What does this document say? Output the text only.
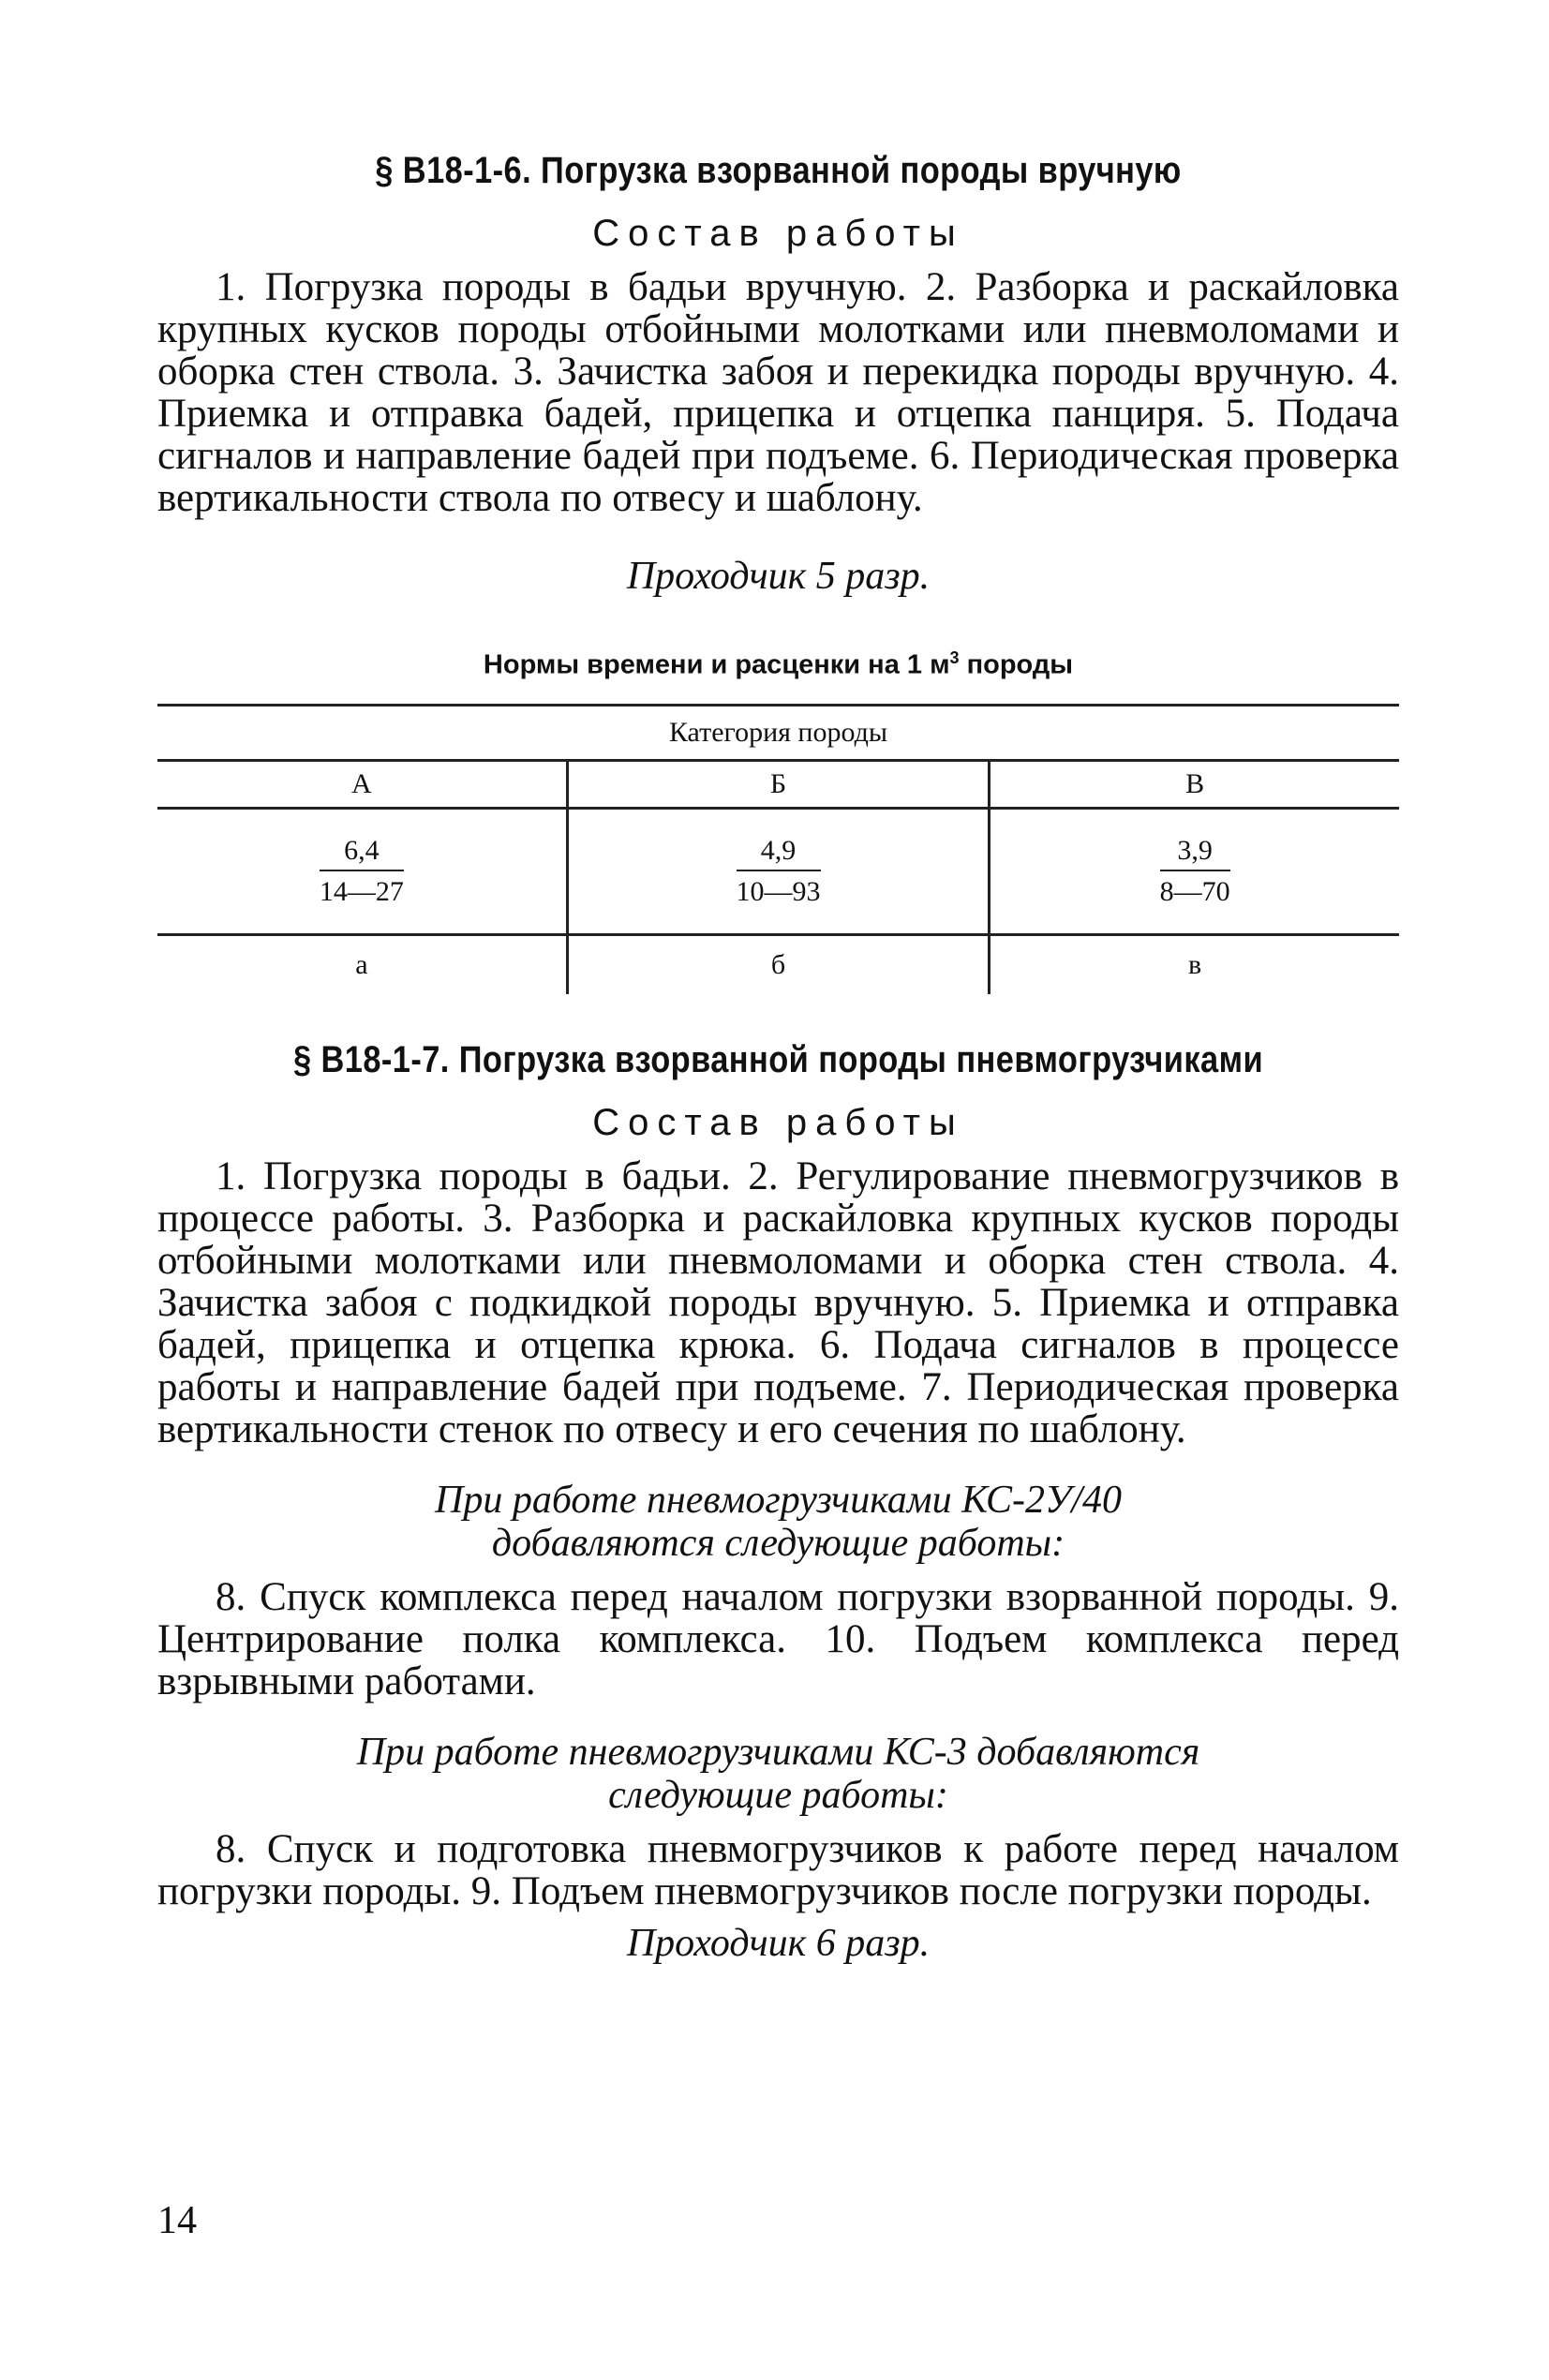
§ В18-1-6. Погрузка взорванной породы вручную
Состав работы

1. Погрузка породы в бадьи вручную. 2. Разборка и раскайловка крупных кусков породы отбойными молотками или пневмоломами и оборка стен ствола. 3. Зачистка забоя и перекидка породы вручную. 4. Приемка и отправка бадей, прицепка и отцепка панциря. 5. Подача сигналов и направление бадей при подъеме. 6. Периодическая проверка вертикальности ствола по отвесу и шаблону.

Проходчик 5 разр.

Нормы времени и расценки на 1 $м^3$ породы
Категория породы		
А	Б	В

$\frac{6,4}{14—27}$	$\frac{4,9}{10—93}$	$\frac{3,9}{8—70}$

а	б	в
§ В18-1-7. Погрузка взорванной породы пневмогрузчиками
Состав работы

1. Погрузка породы в бадьи. 2. Регулирование пневмогрузчиков в процессе работы. 3. Разборка и раскайловка крупных кусков породы отбойными молотками или пневмоломами и оборка стен ствола. 4. Зачистка забоя с подкидкой породы вручную. 5. Приемка и отправка бадей, прицепка и отцепка крюка. 6. Подача сигналов в процессе работы и направление бадей при подъеме. 7. Периодическая проверка вертикальности стенок по отвесу и его сечения по шаблону.

При работе пневмогрузчиками КС-2У/40

добавляются следующие работы:

8. Спуск комплекса перед началом погрузки взорванной породы. 9. Центрирование полка комплекса. 10. Подъем комплекса перед взрывными работами.

При работе пневмогрузчиками КС-3 добавляются

следующие работы:

8. Спуск и подготовка пневмогрузчиков к работе перед началом погрузки породы. 9. Подъем пневмогрузчиков после погрузки породы.

Проходчик 6 разр.

14
